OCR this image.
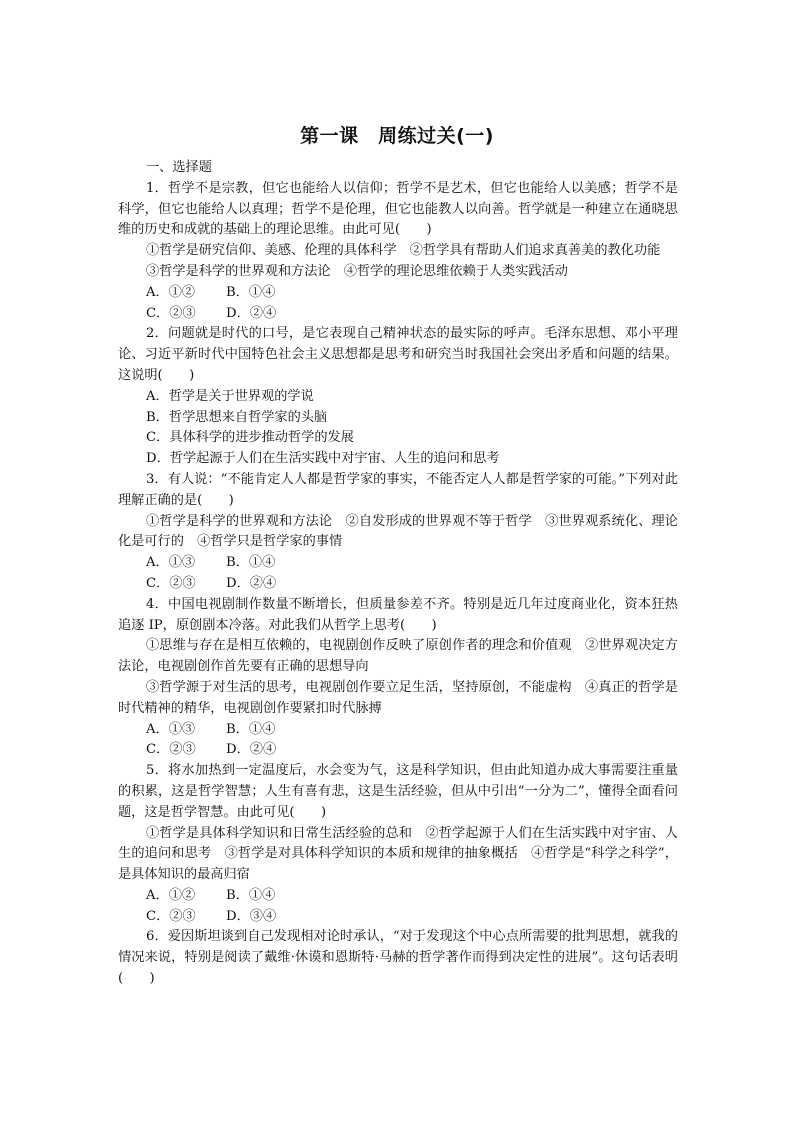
第一课　周练过关(一)

一、选择题

1．哲学不是宗教，但它也能给人以信仰；哲学不是艺术，但它也能给人以美感；哲学不是科学，但它也能给人以真理；哲学不是伦理，但它也能教人以向善。哲学就是一种建立在通晓思维的历史和成就的基础上的理论思维。由此可见(　　)

①哲学是研究信仰、美感、伦理的具体科学　②哲学具有帮助人们追求真善美的教化功能

③哲学是科学的世界观和方法论　④哲学的理论思维依赖于人类实践活动

A．①② B．①④

C．②③ D．②④

2．问题就是时代的口号，是它表现自己精神状态的最实际的呼声。毛泽东思想、邓小平理论、习近平新时代中国特色社会主义思想都是思考和研究当时我国社会突出矛盾和问题的结果。这说明(　　)

A．哲学是关于世界观的学说

B．哲学思想来自哲学家的头脑

C．具体科学的进步推动哲学的发展

D．哲学起源于人们在生活实践中对宇宙、人生的追问和思考

3．有人说：“不能肯定人人都是哲学家的事实，不能否定人人都是哲学家的可能。”下列对此理解正确的是(　　)

①哲学是科学的世界观和方法论　②自发形成的世界观不等于哲学　③世界观系统化、理论化是可行的　④哲学只是哲学家的事情

A．①③ B．①④

C．②③ D．②④

4．中国电视剧制作数量不断增长，但质量参差不齐。特别是近几年过度商业化，资本狂热追逐 IP，原创剧本冷落。对此我们从哲学上思考(　　)

①思维与存在是相互依赖的，电视剧创作反映了原创作者的理念和价值观　②世界观决定方法论，电视剧创作首先要有正确的思想导向

③哲学源于对生活的思考，电视剧创作要立足生活，坚持原创，不能虚构　④真正的哲学是时代精神的精华，电视剧创作要紧扣时代脉搏

A．①③ B．①④

C．②③ D．②④

5．将水加热到一定温度后，水会变为气，这是科学知识，但由此知道办成大事需要注重量的积累，这是哲学智慧；人生有喜有悲，这是生活经验，但从中引出“一分为二”，懂得全面看问题，这是哲学智慧。由此可见(　　)

①哲学是具体科学知识和日常生活经验的总和　②哲学起源于人们在生活实践中对宇宙、人生的追问和思考　③哲学是对具体科学知识的本质和规律的抽象概括　④哲学是“科学之科学”，是具体知识的最高归宿

A．①② B．①④

C．②③ D．③④

6．爱因斯坦谈到自己发现相对论时承认，“对于发现这个中心点所需要的批判思想，就我的情况来说，特别是阅读了戴维·休谟和恩斯特·马赫的哲学著作而得到决定性的进展”。这句话表明(　　)
